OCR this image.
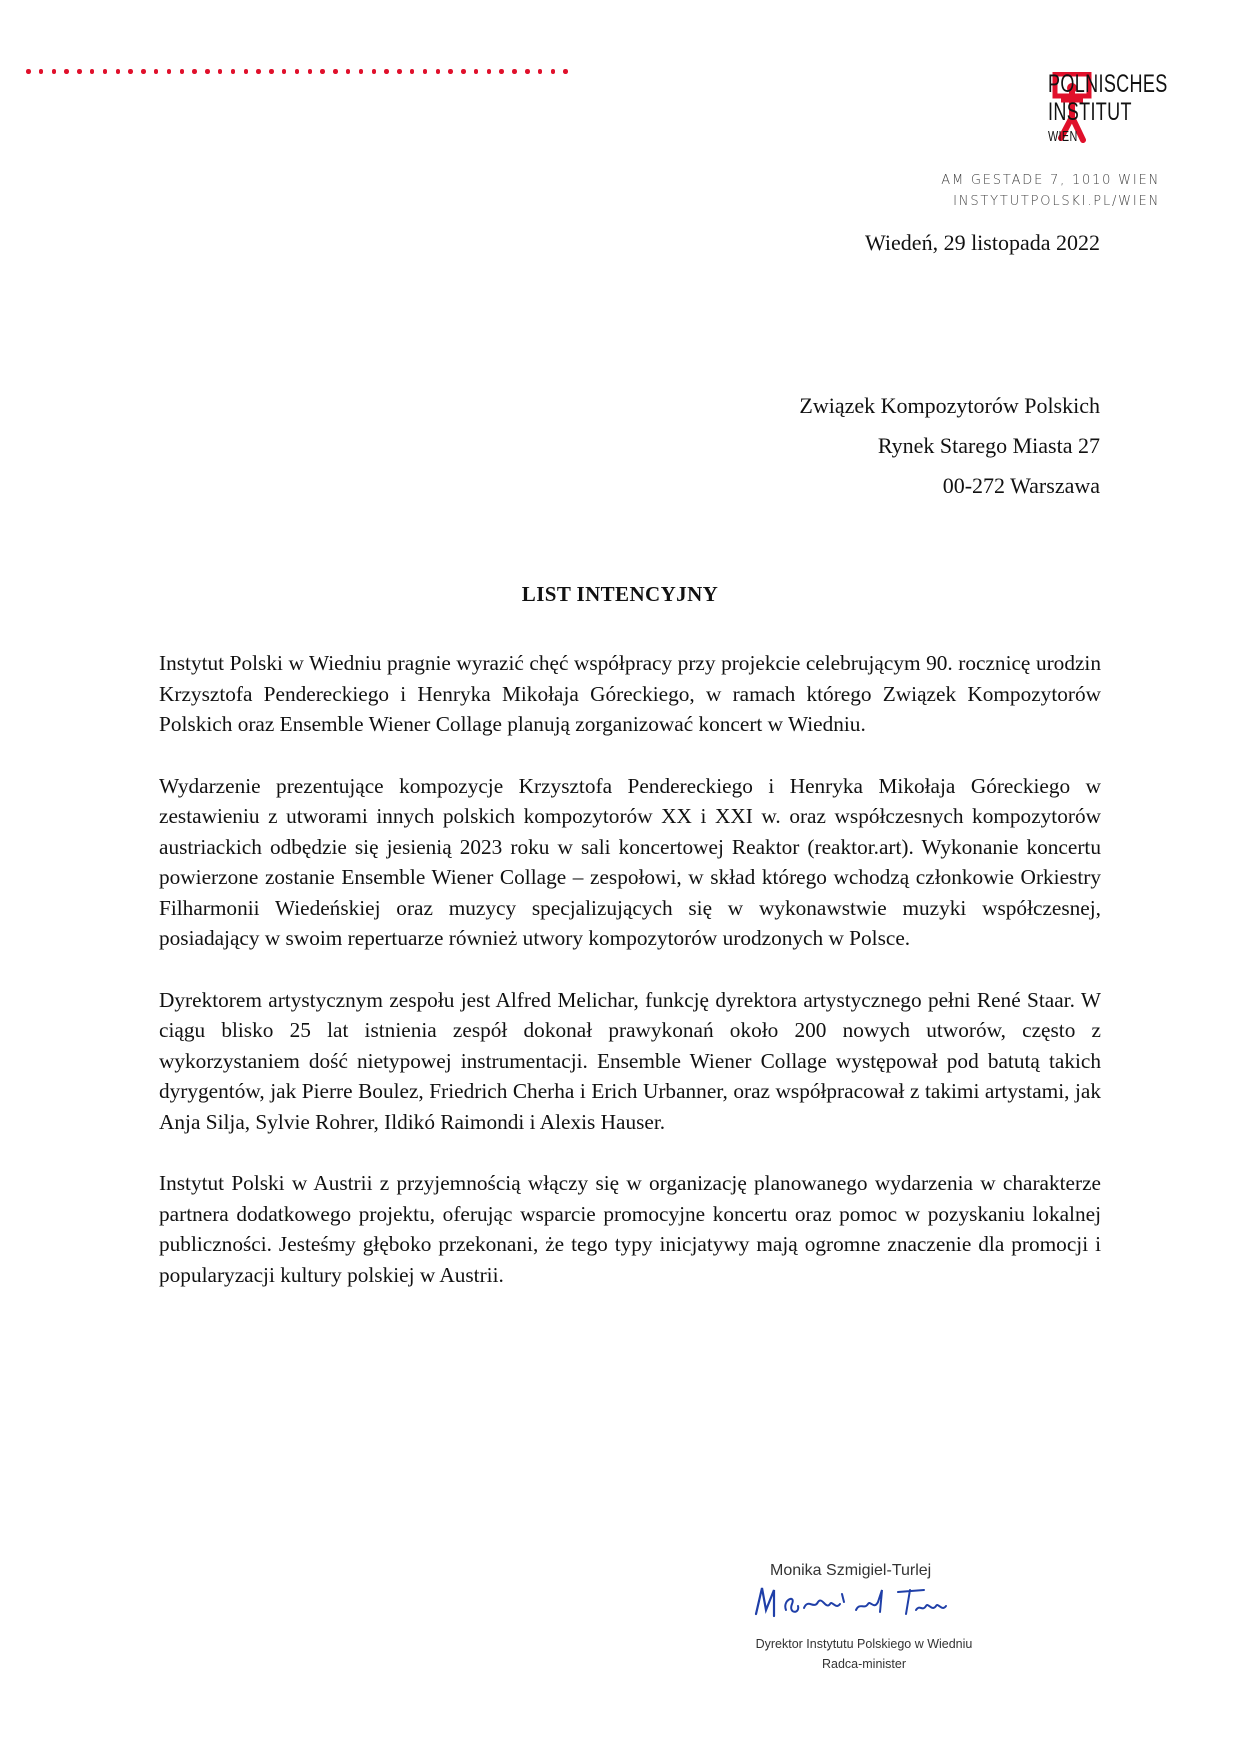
POLNISCHES
INSTITUT
WIEN
AM GESTADE 7, 1010 WIEN
INSTYTUTPOLSKI.PL/WIEN
Wiedeń, 29 listopada 2022
Związek Kompozytorów Polskich
Rynek Starego Miasta 27
00-272 Warszawa
LIST INTENCYJNY

Instytut Polski w Wiedniu pragnie wyrazić chęć współpracy przy projekcie celebrującym 90. rocznicę urodzin Krzysztofa Pendereckiego i Henryka Mikołaja Góreckiego, w ramach którego Związek Kompozytorów Polskich oraz Ensemble Wiener Collage planują zorganizować koncert w Wiedniu.

Wydarzenie prezentujące kompozycje Krzysztofa Pendereckiego i Henryka Mikołaja Góreckiego w zestawieniu z utworami innych polskich kompozytorów XX i XXI w. oraz współczesnych kompozytorów austriackich odbędzie się jesienią 2023 roku w sali koncertowej Reaktor (reaktor.art). Wykonanie koncertu powierzone zostanie Ensemble Wiener Collage – zespołowi, w skład którego wchodzą członkowie Orkiestry Filharmonii Wiedeńskiej oraz muzycy specjalizujących się w wykonawstwie muzyki współczesnej, posiadający w swoim repertuarze również utwory kompozytorów urodzonych w Polsce.

Dyrektorem artystycznym zespołu jest Alfred Melichar, funkcję dyrektora artystycznego pełni René Staar. W ciągu blisko 25 lat istnienia zespół dokonał prawykonań około 200 nowych utworów, często z wykorzystaniem dość nietypowej instrumentacji. Ensemble Wiener Collage występował pod batutą takich dyrygentów, jak Pierre Boulez, Friedrich Cherha i Erich Urbanner, oraz współpracował z takimi artystami, jak Anja Silja, Sylvie Rohrer, Ildikó Raimondi i Alexis Hauser.

Instytut Polski w Austrii z przyjemnością włączy się w organizację planowanego wydarzenia w charakterze partnera dodatkowego projektu, oferując wsparcie promocyjne koncertu oraz pomoc w pozyskaniu lokalnej publiczności. Jesteśmy głęboko przekonani, że tego typy inicjatywy mają ogromne znaczenie dla promocji i popularyzacji kultury polskiej w Austrii.

Monika Szmigiel-Turlej
Dyrektor Instytutu Polskiego w Wiedniu
Radca-minister
